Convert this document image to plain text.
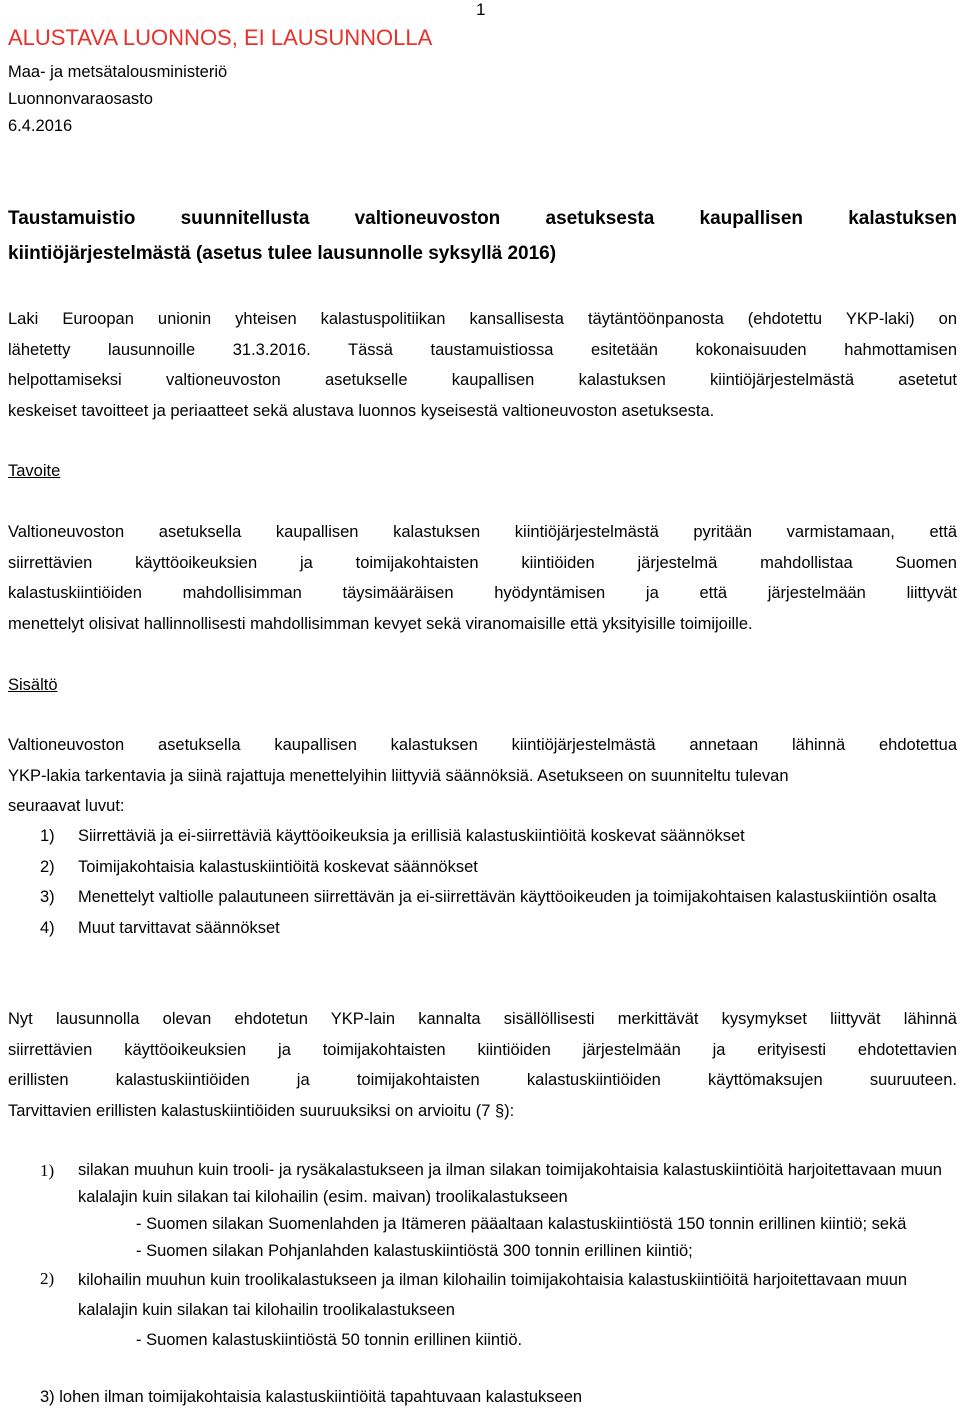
1
ALUSTAVA LUONNOS, EI LAUSUNNOLLA
Maa- ja metsätalousministeriö
Luonnonvaraosasto
6.4.2016
Taustamuistio suunnitellusta valtioneuvoston asetuksesta kaupallisen kalastuksen
kiintiöjärjestelmästä (asetus tulee lausunnolle syksyllä 2016)
Laki Euroopan unionin yhteisen kalastuspolitiikan kansallisesta täytäntöönpanosta (ehdotettu YKP-laki) on
lähetetty lausunnoille 31.3.2016. Tässä taustamuistiossa esitetään kokonaisuuden hahmottamisen
helpottamiseksi valtioneuvoston asetukselle kaupallisen kalastuksen kiintiöjärjestelmästä asetetut
keskeiset tavoitteet ja periaatteet sekä alustava luonnos kyseisestä valtioneuvoston asetuksesta.
Tavoite
Valtioneuvoston asetuksella kaupallisen kalastuksen kiintiöjärjestelmästä pyritään varmistamaan, että
siirrettävien käyttöoikeuksien ja toimijakohtaisten kiintiöiden järjestelmä mahdollistaa Suomen
kalastuskiintiöiden mahdollisimman täysimääräisen hyödyntämisen ja että järjestelmään liittyvät
menettelyt olisivat hallinnollisesti mahdollisimman kevyet sekä viranomaisille että yksityisille toimijoille.
Sisältö
Valtioneuvoston asetuksella kaupallisen kalastuksen kiintiöjärjestelmästä annetaan lähinnä ehdotettua
YKP-lakia tarkentavia ja siinä rajattuja menettelyihin liittyviä säännöksiä. Asetukseen on suunniteltu tulevan
seuraavat luvut:
1) Siirrettäviä ja ei-siirrettäviä käyttöoikeuksia ja erillisiä kalastuskiintiöitä koskevat säännökset
2) Toimijakohtaisia kalastuskiintiöitä koskevat säännökset
3) Menettelyt valtiolle palautuneen siirrettävän ja ei-siirrettävän käyttöoikeuden ja toimijakohtaisen kalastuskiintiön osalta
4) Muut tarvittavat säännökset
Nyt lausunnolla olevan ehdotetun YKP-lain kannalta sisällöllisesti merkittävät kysymykset liittyvät lähinnä
siirrettävien käyttöoikeuksien ja toimijakohtaisten kiintiöiden järjestelmään ja erityisesti ehdotettavien
erillisten kalastuskiintiöiden ja toimijakohtaisten kalastuskiintiöiden käyttömaksujen suuruuteen.
Tarvittavien erillisten kalastuskiintiöiden suuruuksiksi on arvioitu (7 §):
1) silakan muuhun kuin trooli- ja rysäkalastukseen ja ilman silakan toimijakohtaisia kalastuskiintiöitä harjoitettavaan muun kalalajin kuin silakan tai kilohailin (esim. maivan) troolikalastukseen
- Suomen silakan Suomenlahden ja Itämeren pääaltaan kalastuskiintiöstä 150 tonnin erillinen kiintiö; sekä
- Suomen silakan Pohjanlahden kalastuskiintiöstä 300 tonnin erillinen kiintiö;
2) kilohailin muuhun kuin troolikalastukseen ja ilman kilohailin toimijakohtaisia kalastuskiintiöitä harjoitettavaan muun kalalajin kuin silakan tai kilohailin troolikalastukseen
- Suomen kalastuskiintiöstä 50 tonnin erillinen kiintiö.
3) lohen ilman toimijakohtaisia kalastuskiintiöitä tapahtuvaan kalastukseen
